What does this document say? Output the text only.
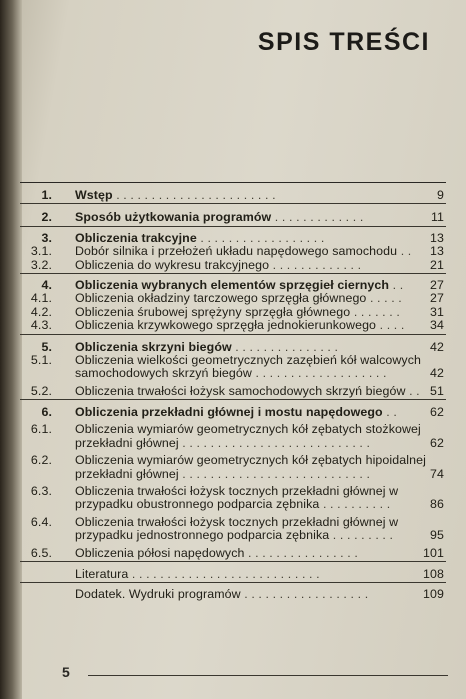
SPIS TREŚCI
1. Wstęp . . . . . . . . . . . . . . . . . . . . . . .	9
2. Sposób użytkowania programów . . . . . . . . . . . . .	11
3. Obliczenia trakcyjne . . . . . . . . . . . . . . . . . .	13
3.1. Dobór silnika i przełożeń układu napędowego samochodu . . 13
3.2. Obliczenia do wykresu trakcyjnego . . . . . . . . . . . . .	21
4. Obliczenia wybranych elementów sprzęgieł ciernych . . 27
4.1. Obliczenia okładziny tarczowego sprzęgła głównego . . . . . 27
4.2. Obliczenia śrubowej sprężyny sprzęgła głównego . . . . . . . 31
4.3. Obliczenia krzywkowego sprzęgła jednokierunkowego . . . . 34
5. Obliczenia skrzyni biegów . . . . . . . . . . . . . . .	42
5.1. Obliczenia wielkości geometrycznych zazębień kół walcowych
samochodowych skrzyń biegów . . . . . . . . . . . . . . . . . . .	42
5.2. Obliczenia trwałości łożysk samochodowych skrzyń biegów . . 51
6. Obliczenia przekładni głównej i mostu napędowego . .	62
6.1. Obliczenia wymiarów geometrycznych kół zębatych stożkowej
przekładni głównej . . . . . . . . . . . . . . . . . . . . . . . . . . .	62
6.2. Obliczenia wymiarów geometrycznych kół zębatych hipoidalnej
przekładni głównej . . . . . . . . . . . . . . . . . . . . . . . . . . .	74
6.3. Obliczenia trwałości łożysk tocznych przekładni głównej w
przypadku obustronnego podparcia zębnika . . . . . . . . . .	86
6.4. Obliczenia trwałości łożysk tocznych przekładni głównej w
przypadku jednostronnego podparcia zębnika . . . . . . . . .	95
6.5. Obliczenia półosi napędowych . . . . . . . . . . . . . . . .	101
Literatura . . . . . . . . . . . . . . . . . . . . . . . . . . .	108
Dodatek. Wydruki programów . . . . . . . . . . . . . . . . . .	109
5
